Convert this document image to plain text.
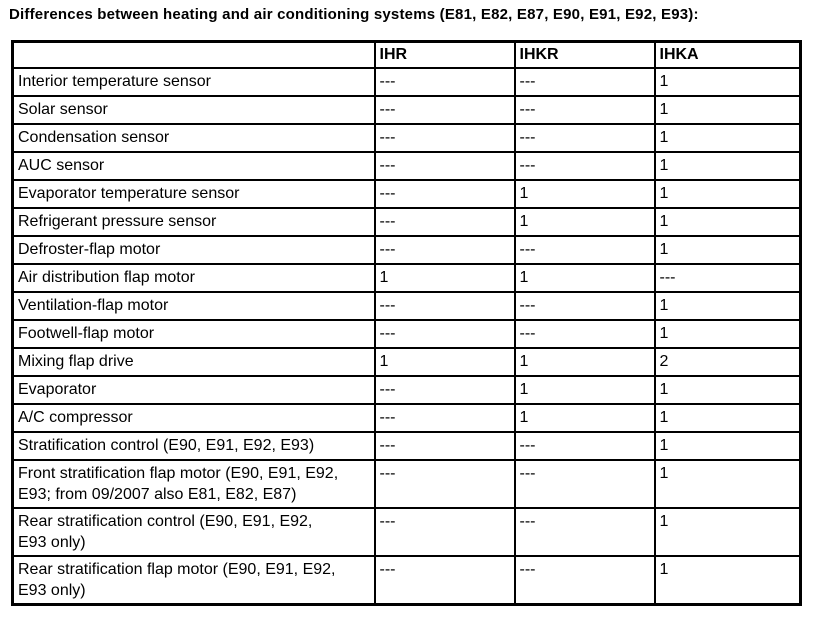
Differences between heating and air conditioning systems (E81, E82, E87, E90, E91, E92, E93):
	IHR	IHKR	IHKA

Interior temperature sensor	---	---	1

Solar sensor	---	---	1

Condensation sensor	---	---	1

AUC sensor	---	---	1

Evaporator temperature sensor	---	1	1

Refrigerant pressure sensor	---	1	1

Defroster-flap motor	---	---	1

Air distribution flap motor	1	1	---

Ventilation-flap motor	---	---	1

Footwell-flap motor	---	---	1

Mixing flap drive	1	1	2

Evaporator	---	1	1

A/C compressor	---	1	1

Stratification control (E90, E91, E92, E93)	---	---	1

Front stratification flap motor (E90, E91, E92, E93; from 09/2007 also E81, E82, E87)	---	---	1

Rear stratification control (E90, E91, E92, E93 only)	---	---	1

Rear stratification flap motor (E90, E91, E92, E93 only)	---	---	1
